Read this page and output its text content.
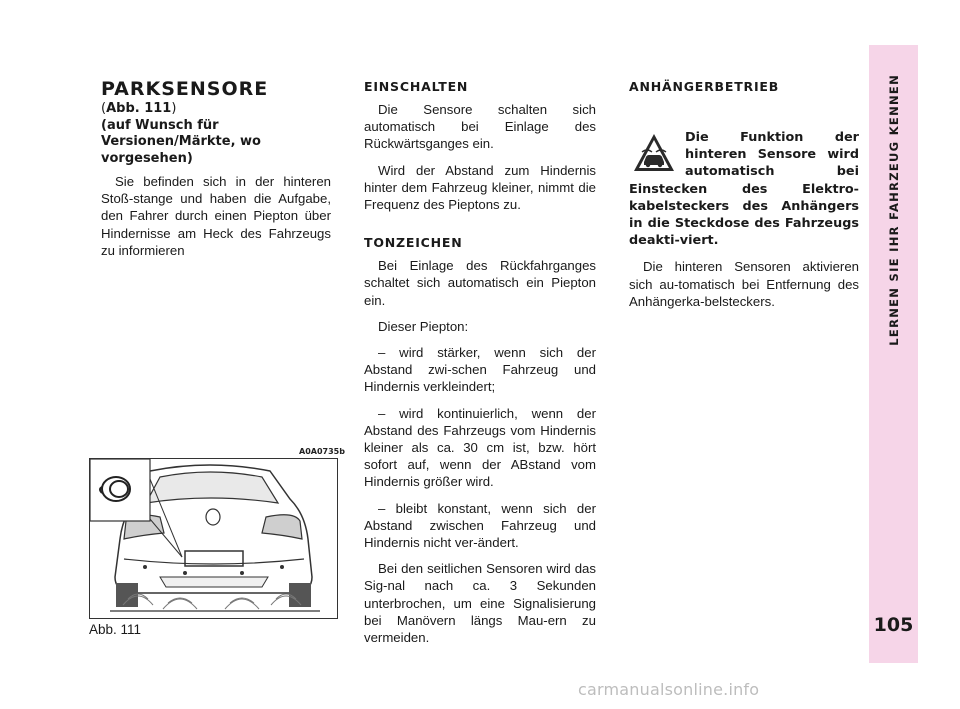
PARKSENSORE
(Abb. 111)
(auf Wunsch für Versionen/Märkte, wo vorgesehen)

Sie befinden sich in der hinteren Stoß-stange und haben die Aufgabe, den Fahrer durch einen Piepton über Hindernisse am Heck des Fahrzeugs zu informieren

EINSCHALTEN

Die Sensore schalten sich automatisch bei Einlage des Rückwärtsganges ein.

Wird der Abstand zum Hindernis hinter dem Fahrzeug kleiner, nimmt die Frequenz des Pieptons zu.

TONZEICHEN

Bei Einlage des Rückfahrganges schaltet sich automatisch ein Piepton ein.

Dieser Piepton:

– wird stärker, wenn sich der Abstand zwi-schen Fahrzeug und Hindernis verkleindert;

– wird kontinuierlich, wenn der Abstand des Fahrzeugs vom Hindernis kleiner als ca. 30 cm ist, bzw. hört sofort auf, wenn der ABstand vom Hindernis größer wird.

– bleibt konstant, wenn sich der Abstand zwischen Fahrzeug und Hindernis nicht ver-ändert.

Bei den seitlichen Sensoren wird das Sig-nal nach ca. 3 Sekunden unterbrochen, um eine Signalisierung bei Manövern längs Mau-ern zu vermeiden.

ANHÄNGERBETRIEB
Die Funktion der hinteren Sensore wird automatisch bei Einstecken des Elektro-kabelsteckers des Anhängers in die Steckdose des Fahrzeugs deakti-viert.

Die hinteren Sensoren aktivieren sich au-tomatisch bei Entfernung des Anhängerka-belsteckers.

A0A0735b
Abb. 111
LERNEN SIE IHR FAHRZEUG KENNEN
105
carmanualsonline.info
